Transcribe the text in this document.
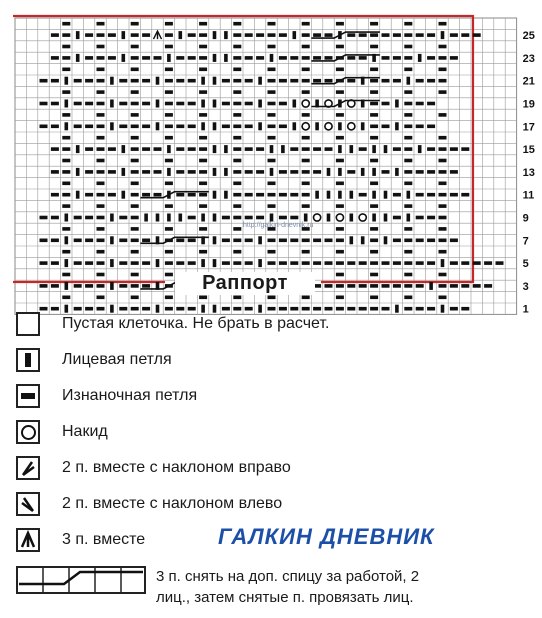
1
3
5
7
9
11
13
15
17
19
21
23
25
http://galkin-dnevnik.ru
Раппорт
Пустая клеточка. Не брать в расчет.
Лицевая петля
Изнаночная петля
Накид
2 п. вместе с наклоном вправо
2 п. вместе с наклоном влево
3 п. вместе
3 п. снять на доп. спицу за работой, 2
лиц., затем снятые п. провязать лиц.
ГАЛКИН ДНЕВНИК
